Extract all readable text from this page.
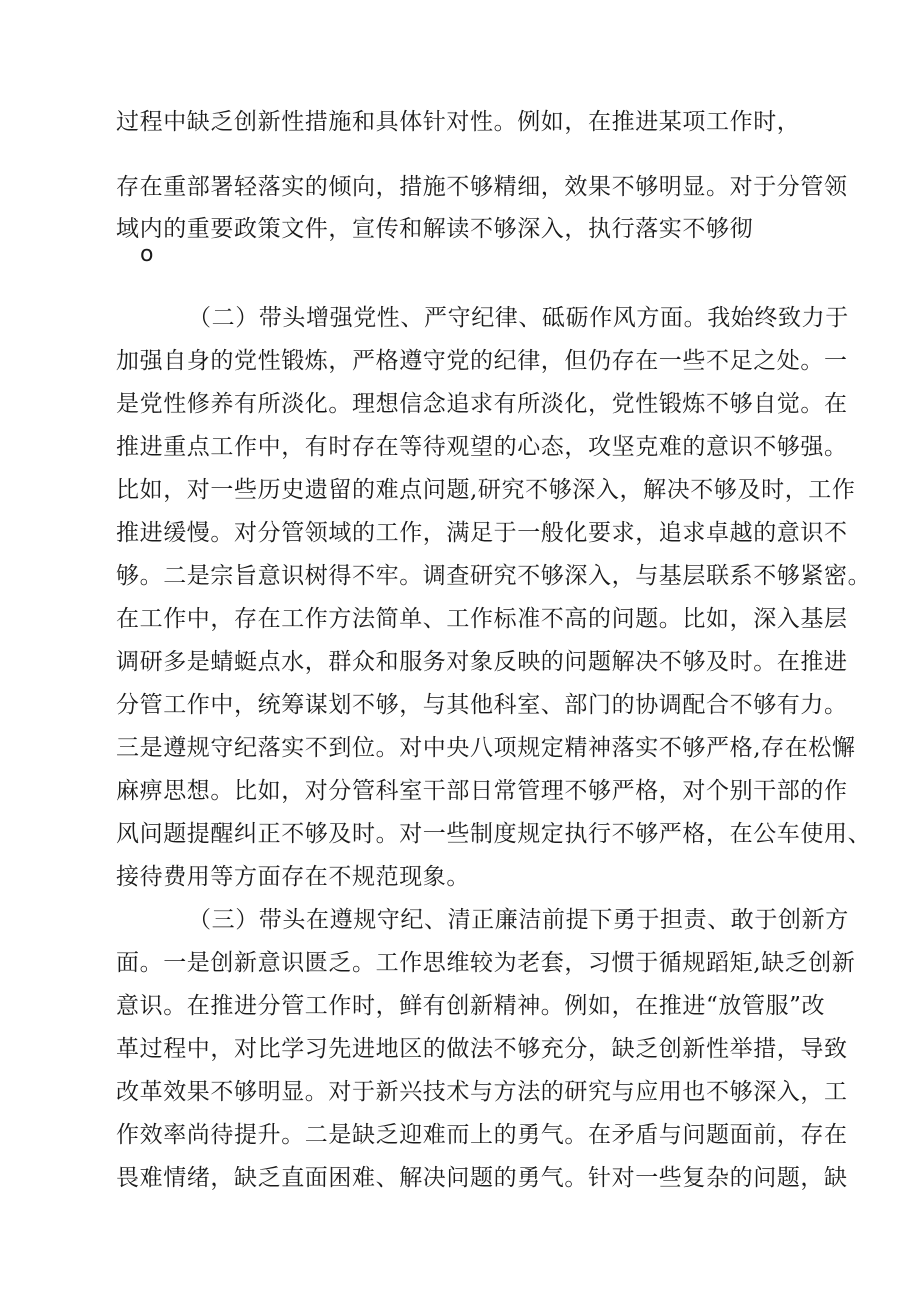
过程中缺乏创新性措施和具体针对性。例如，在推进某项工作时，
存在重部署轻落实的倾向，措施不够精细，效果不够明显。对于分管领
域内的重要政策文件，宣传和解读不够深入，执行落实不够彻
o
（二）带头增强党性、严守纪律、砥砺作风方面。我始终致力于
加强自身的党性锻炼，严格遵守党的纪律，但仍存在一些不足之处。一
是党性修养有所淡化。理想信念追求有所淡化，党性锻炼不够自觉。在
推进重点工作中，有时存在等待观望的心态，攻坚克难的意识不够强。
比如，对一些历史遗留的难点问题,研究不够深入，解决不够及时，工作
推进缓慢。对分管领域的工作，满足于一般化要求，追求卓越的意识不
够。二是宗旨意识树得不牢。调查研究不够深入，与基层联系不够紧密。
在工作中，存在工作方法简单、工作标准不高的问题。比如，深入基层
调研多是蜻蜓点水，群众和服务对象反映的问题解决不够及时。在推进
分管工作中，统筹谋划不够，与其他科室、部门的协调配合不够有力。
三是遵规守纪落实不到位。对中央八项规定精神落实不够严格,存在松懈
麻痹思想。比如，对分管科室干部日常管理不够严格，对个别干部的作
风问题提醒纠正不够及时。对一些制度规定执行不够严格，在公车使用、
接待费用等方面存在不规范现象。
（三）带头在遵规守纪、清正廉洁前提下勇于担责、敢于创新方
面。一是创新意识匮乏。工作思维较为老套，习惯于循规蹈矩,缺乏创新
意识。在推进分管工作时，鲜有创新精神。例如，在推进“放管服”改
革过程中，对比学习先进地区的做法不够充分，缺乏创新性举措，导致
改革效果不够明显。对于新兴技术与方法的研究与应用也不够深入，工
作效率尚待提升。二是缺乏迎难而上的勇气。在矛盾与问题面前，存在
畏难情绪，缺乏直面困难、解决问题的勇气。针对一些复杂的问题，缺
